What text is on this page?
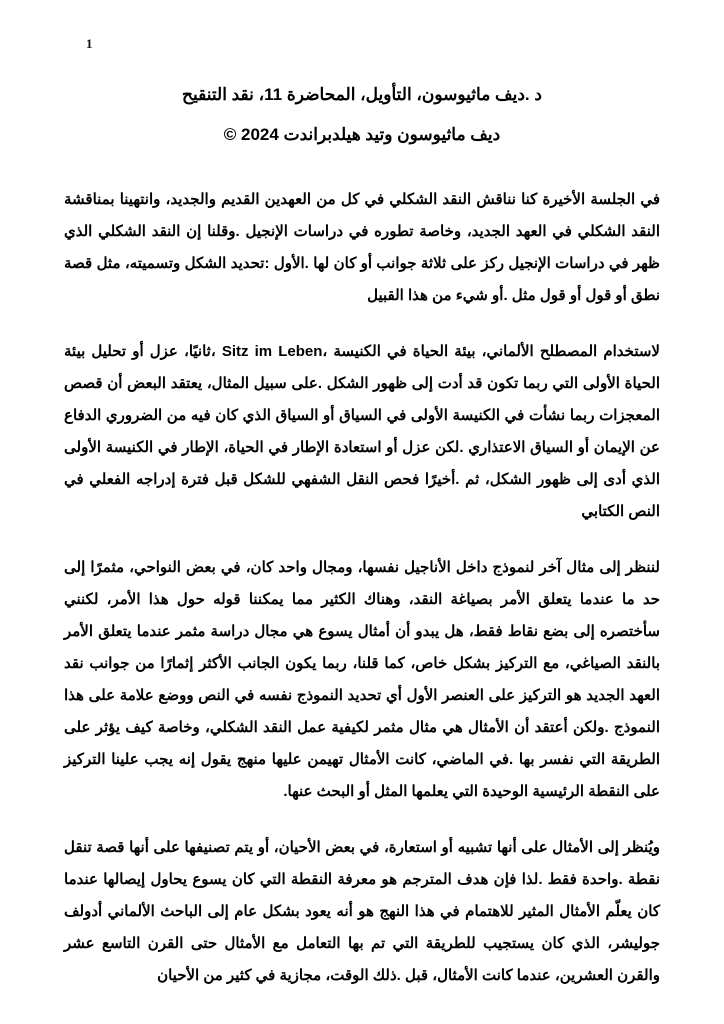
1
د .ديف ماثيوسون، التأويل، المحاضرة 11، نقد التنقيح
ديف ماثيوسون وتيد هيلدبراندت 2024 ©

في الجلسة الأخيرة كنا نناقش النقد الشكلي في كل من العهدين القديم والجديد، وانتهينا بمناقشة النقد الشكلي في العهد الجديد، وخاصة تطوره في دراسات الإنجيل .وقلنا إن النقد الشكلي الذي ظهر في دراسات الإنجيل ركز على ثلاثة جوانب أو كان لها .الأول :تحديد الشكل وتسميته، مثل قصة نطق أو قول أو قول مثل .أو شيء من هذا القبيل

لاستخدام المصطلح الألماني، بيئة الحياة في الكنيسة ،Sitz im Leben ،ثانيًا، عزل أو تحليل بيئة الحياة الأولى التي ربما تكون قد أدت إلى ظهور الشكل .على سبيل المثال، يعتقد البعض أن قصص المعجزات ربما نشأت في الكنيسة الأولى في السياق أو السياق الذي كان فيه من الضروري الدفاع عن الإيمان أو السياق الاعتذاري .لكن عزل أو استعادة الإطار في الحياة، الإطار في الكنيسة الأولى الذي أدى إلى ظهور الشكل، ثم .أخيرًا فحص النقل الشفهي للشكل قبل فترة إدراجه الفعلي في النص الكتابي

لننظر إلى مثال آخر لنموذج داخل الأناجيل نفسها، ومجال واحد كان، في بعض النواحي، مثمرًا إلى حد ما عندما يتعلق الأمر بصياغة النقد، وهناك الكثير مما يمكننا قوله حول هذا الأمر، لكنني سأختصره إلى بضع نقاط فقط، هل يبدو أن أمثال يسوع هي مجال دراسة مثمر عندما يتعلق الأمر بالنقد الصياغي، مع التركيز بشكل خاص، كما قلنا، ربما يكون الجانب الأكثر إثمارًا من جوانب نقد العهد الجديد هو التركيز على العنصر الأول أي تحديد النموذج نفسه في النص ووضع علامة على هذا النموذج .ولكن أعتقد أن الأمثال هي مثال مثمر لكيفية عمل النقد الشكلي، وخاصة كيف يؤثر على الطريقة التي نفسر بها .في الماضي، كانت الأمثال تهيمن عليها منهج يقول إنه يجب علينا التركيز على النقطة الرئيسية الوحيدة التي يعلمها المثل أو البحث عنها.

ويُنظر إلى الأمثال على أنها تشبيه أو استعارة، في بعض الأحيان، أو يتم تصنيفها على أنها قصة تنقل نقطة .واحدة فقط .لذا فإن هدف المترجم هو معرفة النقطة التي كان يسوع يحاول إيصالها عندما كان يعلّم الأمثال المثير للاهتمام في هذا النهج هو أنه يعود بشكل عام إلى الباحث الألماني أدولف جوليشر، الذي كان يستجيب للطريقة التي تم بها التعامل مع الأمثال حتى القرن التاسع عشر والقرن العشرين، عندما كانت الأمثال، قبل .ذلك الوقت، مجازية في كثير من الأحيان
